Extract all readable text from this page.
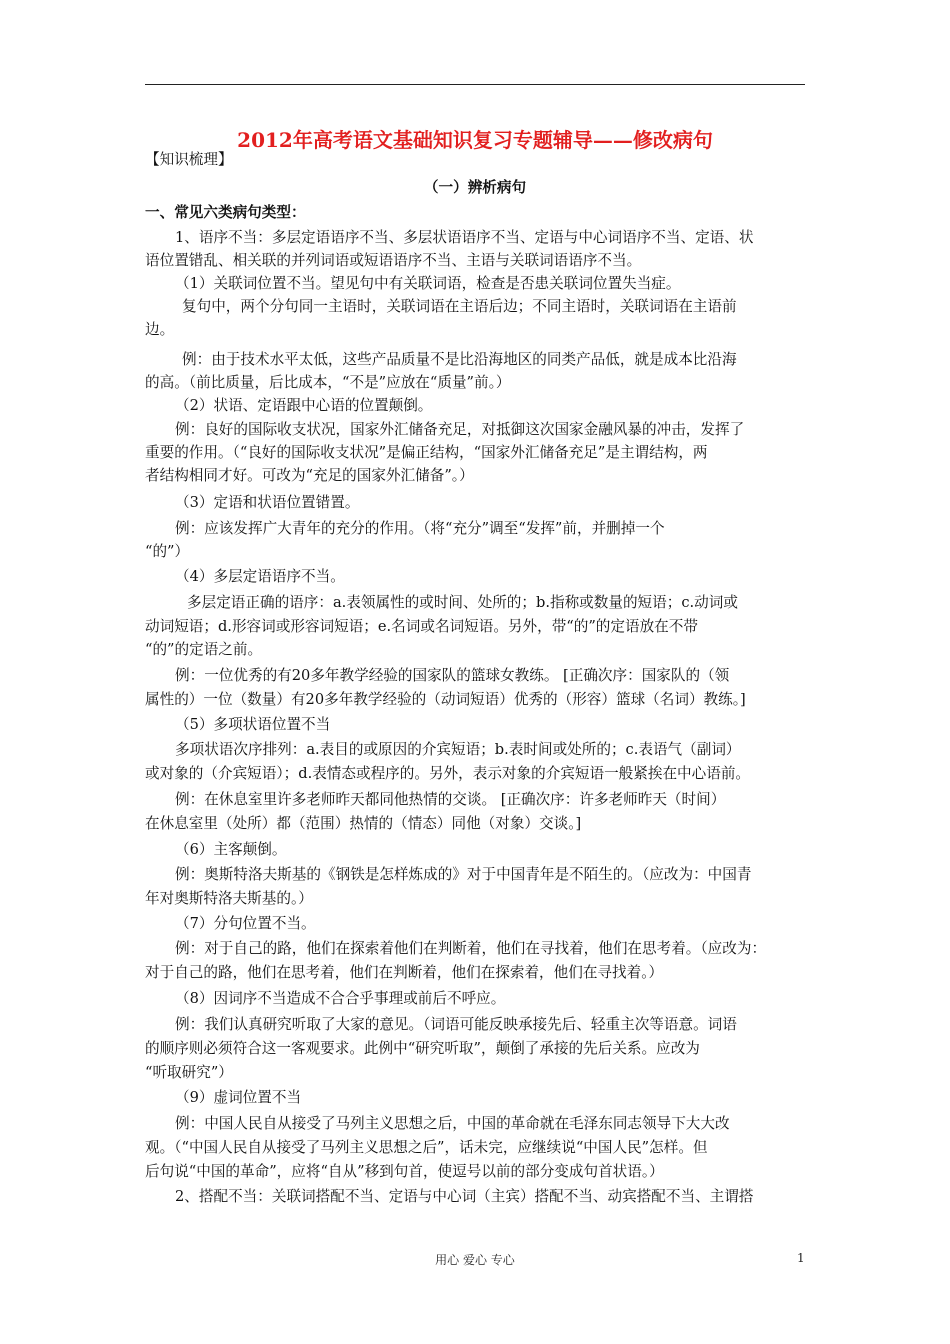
2012年高考语文基础知识复习专题辅导——修改病句
【知识梳理】
（一）辨析病句
一、常见六类病句类型：
1、语序不当：多层定语语序不当、多层状语语序不当、定语与中心词语序不当、定语、状
语位置错乱、相关联的并列词语或短语语序不当、主语与关联词语语序不当。
（1）关联词位置不当。望见句中有关联词语，检查是否患关联词位置失当症。
复句中，两个分句同一主语时，关联词语在主语后边；不同主语时，关联词语在主语前
边。
例：由于技术水平太低，这些产品质量不是比沿海地区的同类产品低，就是成本比沿海
的高。（前比质量，后比成本，“不是”应放在“质量”前。）
（2）状语、定语跟中心语的位置颠倒。
例：良好的国际收支状况，国家外汇储备充足，对抵御这次国家金融风暴的冲击，发挥了
重要的作用。（“良好的国际收支状况”是偏正结构，“国家外汇储备充足”是主谓结构，两
者结构相同才好。可改为“充足的国家外汇储备”。）
（3）定语和状语位置错置。
例：应该发挥广大青年的充分的作用。（将“充分”调至“发挥”前，并删掉一个
“的”）
（4）多层定语语序不当。
多层定语正确的语序：a.表领属性的或时间、处所的；b.指称或数量的短语；c.动词或
动词短语；d.形容词或形容词短语；e.名词或名词短语。另外，带“的”的定语放在不带
“的”的定语之前。
例：一位优秀的有20多年教学经验的国家队的篮球女教练。 [正确次序：国家队的（领
属性的）一位（数量）有20多年教学经验的（动词短语）优秀的（形容）篮球（名词）教练。]
（5）多项状语位置不当
多项状语次序排列：a.表目的或原因的介宾短语；b.表时间或处所的；c.表语气（副词）
或对象的（介宾短语）；d.表情态或程序的。另外，表示对象的介宾短语一般紧挨在中心语前。
例：在休息室里许多老师昨天都同他热情的交谈。 [正确次序：许多老师昨天（时间）
在休息室里（处所）都（范围）热情的（情态）同他（对象）交谈。]
（6）主客颠倒。
例：奥斯特洛夫斯基的《钢铁是怎样炼成的》对于中国青年是不陌生的。（应改为：中国青
年对奥斯特洛夫斯基的。）
（7）分句位置不当。
例：对于自己的路，他们在探索着他们在判断着，他们在寻找着，他们在思考着。（应改为：
对于自己的路，他们在思考着，他们在判断着，他们在探索着，他们在寻找着。）
（8）因词序不当造成不合合乎事理或前后不呼应。
例：我们认真研究听取了大家的意见。（词语可能反映承接先后、轻重主次等语意。词语
的顺序则必须符合这一客观要求。此例中“研究听取”，颠倒了承接的先后关系。应改为
“听取研究”）
（9）虚词位置不当
例：中国人民自从接受了马列主义思想之后，中国的革命就在毛泽东同志领导下大大改
观。（“中国人民自从接受了马列主义思想之后”，话未完，应继续说“中国人民”怎样。但
后句说“中国的革命”，应将“自从”移到句首，使逗号以前的部分变成句首状语。）
2、搭配不当：关联词搭配不当、定语与中心词（主宾）搭配不当、动宾搭配不当、主谓搭
用心 爱心 专心	1
